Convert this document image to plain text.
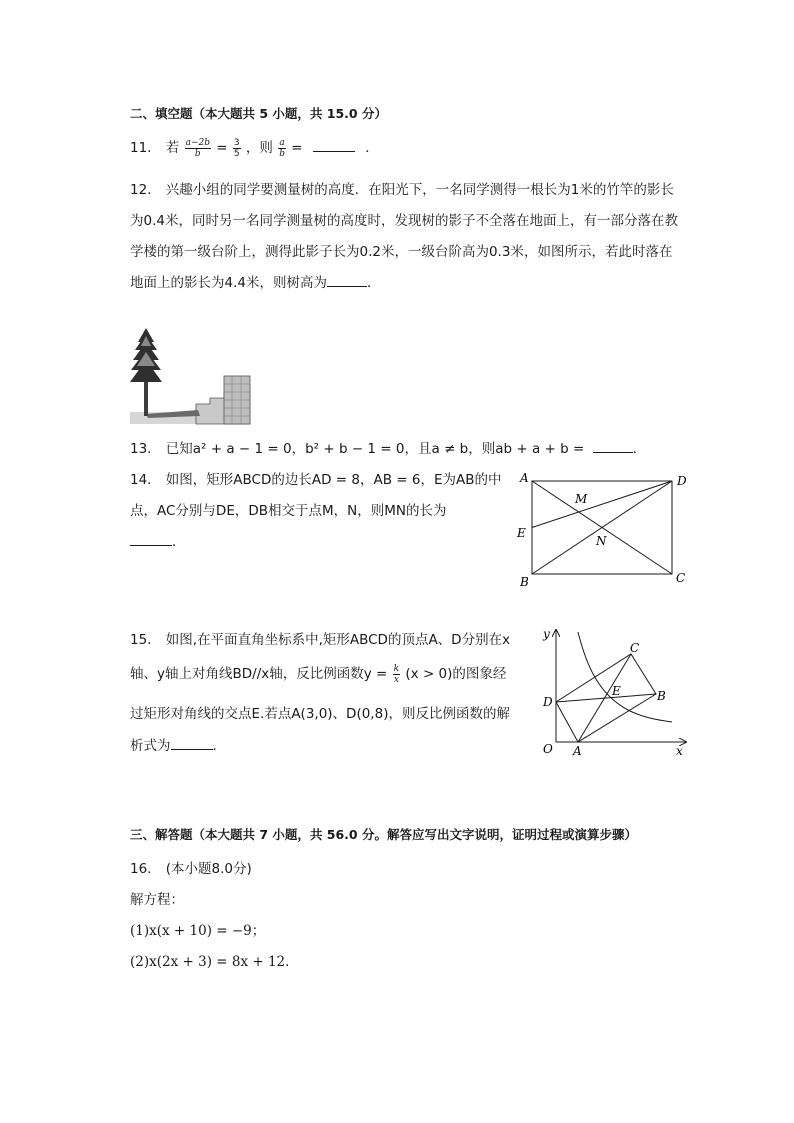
二、填空题（本大题共 5 小题，共 15.0 分）
11. 若 $\frac{a-2b}{b} = \frac{3}{5}$ ，则 $\frac{a}{b}$ =	．
12. 兴趣小组的同学要测量树的高度．在阳光下，一名同学测得一根长为1米的竹竿的影长
为0.4米，同时另一名同学测量树的高度时，发现树的影子不全落在地面上，有一部分落在教
学楼的第一级台阶上，测得此影子长为0.2米，一级台阶高为0.3米，如图所示，若此时落在
地面上的影长为4.4米，则树高为	．
13. 已知a² + a − 1 = 0，b² + b − 1 = 0，且a ≠ b，则ab + a + b =	．
14. 如图，矩形ABCD的边长AD = 8，AB = 6，E为AB的中
点，AC分别与DE，DB相交于点M，N，则MN的长为
．
A	D
M
E
N
B	C
15. 如图,在平面直角坐标系中,矩形ABCD的顶点A、D分别在x
轴、y轴上对角线BD//x轴，反比例函数$y = \frac{k}{x} (x > 0)$的图象经
过矩形对角线的交点E.若点A(3,0)、D(0,8)，则反比例函数的解
析式为	．
y
C
D
E	B
O A	x
三、解答题（本大题共 7 小题，共 56.0 分。解答应写出文字说明，证明过程或演算步骤）
16. (本小题8.0分)
解方程：
(1)x(x + 10) = −9；
(2)x(2x + 3) = 8x + 12．
